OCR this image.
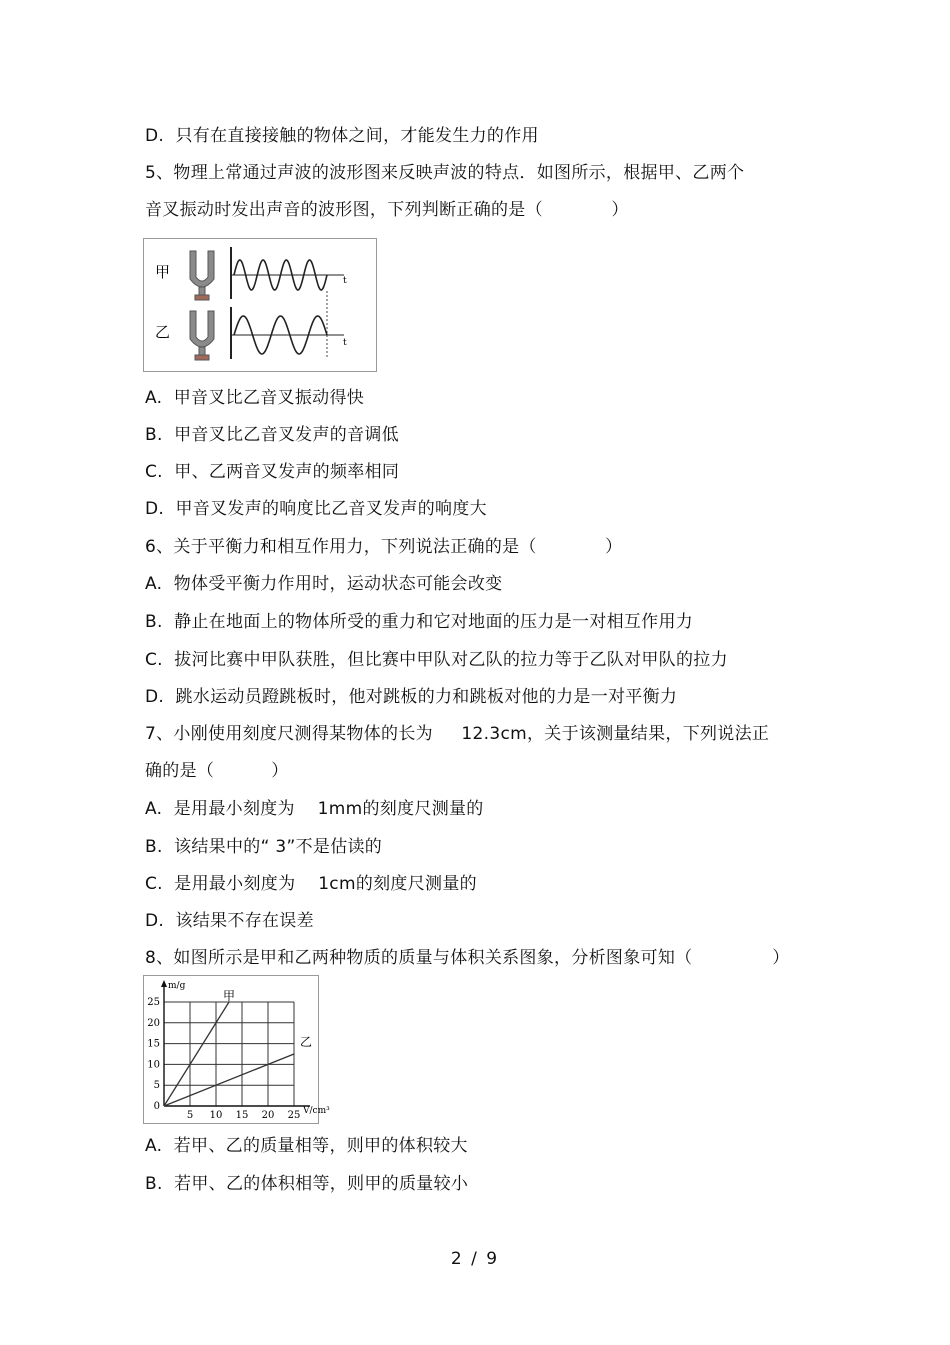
D.  只有在直接接触的物体之间，才能发生力的作用
5、物理上常通过声波的波形图来反映声波的特点．如图所示，根据甲、乙两个
音叉振动时发出声音的波形图，下列判断正确的是（            ）
甲
乙
t
t
A.  甲音叉比乙音叉振动得快
B.  甲音叉比乙音叉发声的音调低
C.  甲、乙两音叉发声的频率相同
D.  甲音叉发声的响度比乙音叉发声的响度大
6、关于平衡力和相互作用力，下列说法正确的是（            ）
A.  物体受平衡力作用时，运动状态可能会改变
B.  静止在地面上的物体所受的重力和它对地面的压力是一对相互作用力
C.  拔河比赛中甲队获胜，但比赛中甲队对乙队的拉力等于乙队对甲队的拉力
D.  跳水运动员蹬跳板时，他对跳板的力和跳板对他的力是一对平衡力
7、小刚使用刻度尺测得某物体的长为     12.3cm，关于该测量结果，下列说法正
确的是（          ）
A.  是用最小刻度为    1mm的刻度尺测量的
B.  该结果中的“ 3”不是估读的
C.  是用最小刻度为    1cm的刻度尺测量的
D.  该结果不存在误差
8、如图所示是甲和乙两种物质的质量与体积关系图象，分析图象可知（              ）
m/g
V/cm³
5 10 15 20 25
0
5
10
15
20
25	甲
乙
A.  若甲、乙的质量相等，则甲的体积较大
B.  若甲、乙的体积相等，则甲的质量较小
2 / 9
